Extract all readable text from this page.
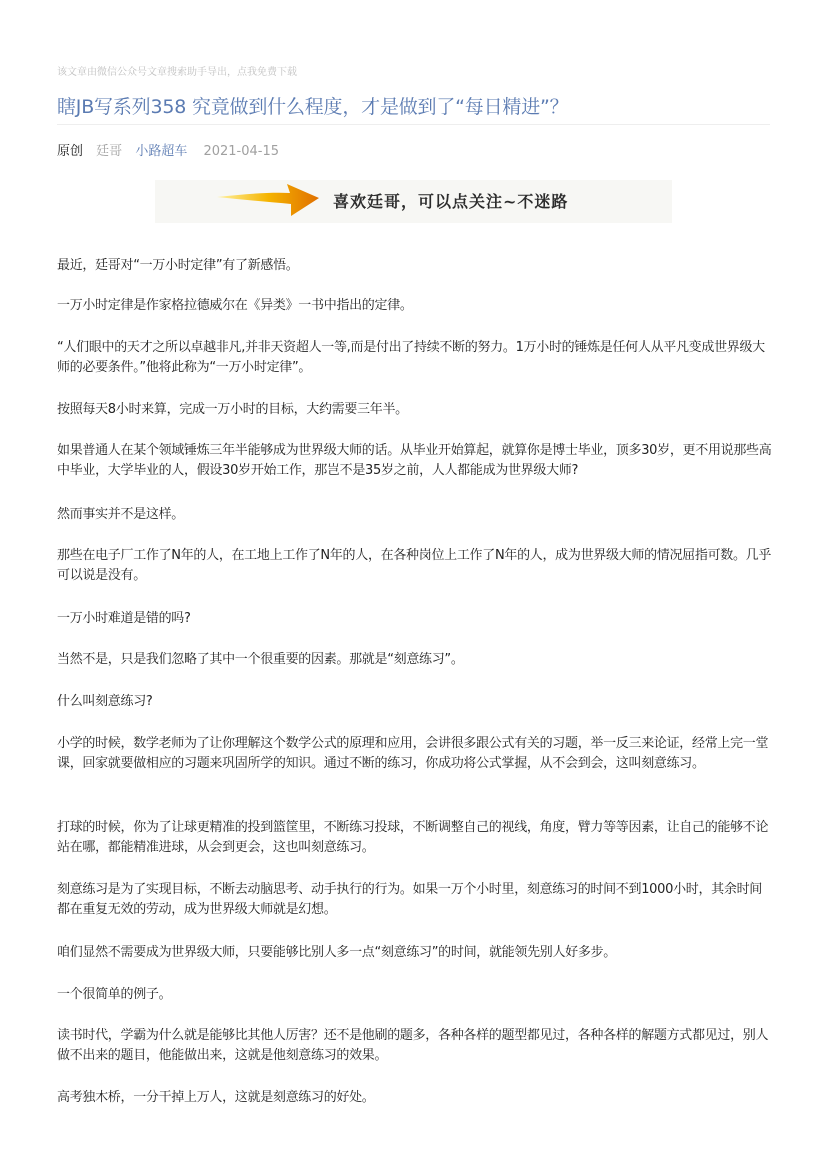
该文章由微信公众号文章搜索助手导出，点我免费下载
瞎JB写系列358 究竟做到什么程度，才是做到了“每日精进”？
原创 廷哥 小路超车 2021-04-15
喜欢廷哥，可以点关注~不迷路

最近，廷哥对“一万小时定律”有了新感悟。

一万小时定律是作家格拉德威尔在《异类》一书中指出的定律。

“人们眼中的天才之所以卓越非凡,并非天资超人一等,而是付出了持续不断的努力。1万小时的锤炼是任何人从平凡变成世界级大师的必要条件。”他将此称为“一万小时定律”。

按照每天8小时来算，完成一万小时的目标，大约需要三年半。

如果普通人在某个领域锤炼三年半能够成为世界级大师的话。从毕业开始算起，就算你是博士毕业，顶多30岁，更不用说那些高中毕业，大学毕业的人，假设30岁开始工作，那岂不是35岁之前，人人都能成为世界级大师?

然而事实并不是这样。

那些在电子厂工作了N年的人，在工地上工作了N年的人，在各种岗位上工作了N年的人，成为世界级大师的情况屈指可数。几乎可以说是没有。

一万小时难道是错的吗?

当然不是，只是我们忽略了其中一个很重要的因素。那就是“刻意练习”。

什么叫刻意练习?

小学的时候，数学老师为了让你理解这个数学公式的原理和应用，会讲很多跟公式有关的习题，举一反三来论证，经常上完一堂课，回家就要做相应的习题来巩固所学的知识。通过不断的练习，你成功将公式掌握，从不会到会，这叫刻意练习。

打球的时候，你为了让球更精准的投到篮筐里，不断练习投球，不断调整自己的视线，角度，臂力等等因素，让自己的能够不论站在哪，都能精准进球，从会到更会，这也叫刻意练习。

刻意练习是为了实现目标，不断去动脑思考、动手执行的行为。如果一万个小时里，刻意练习的时间不到1000小时，其余时间都在重复无效的劳动，成为世界级大师就是幻想。

咱们显然不需要成为世界级大师，只要能够比别人多一点“刻意练习”的时间，就能领先别人好多步。

一个很简单的例子。

读书时代，学霸为什么就是能够比其他人厉害？还不是他刷的题多，各种各样的题型都见过，各种各样的解题方式都见过，别人做不出来的题目，他能做出来，这就是他刻意练习的效果。

高考独木桥，一分干掉上万人，这就是刻意练习的好处。
